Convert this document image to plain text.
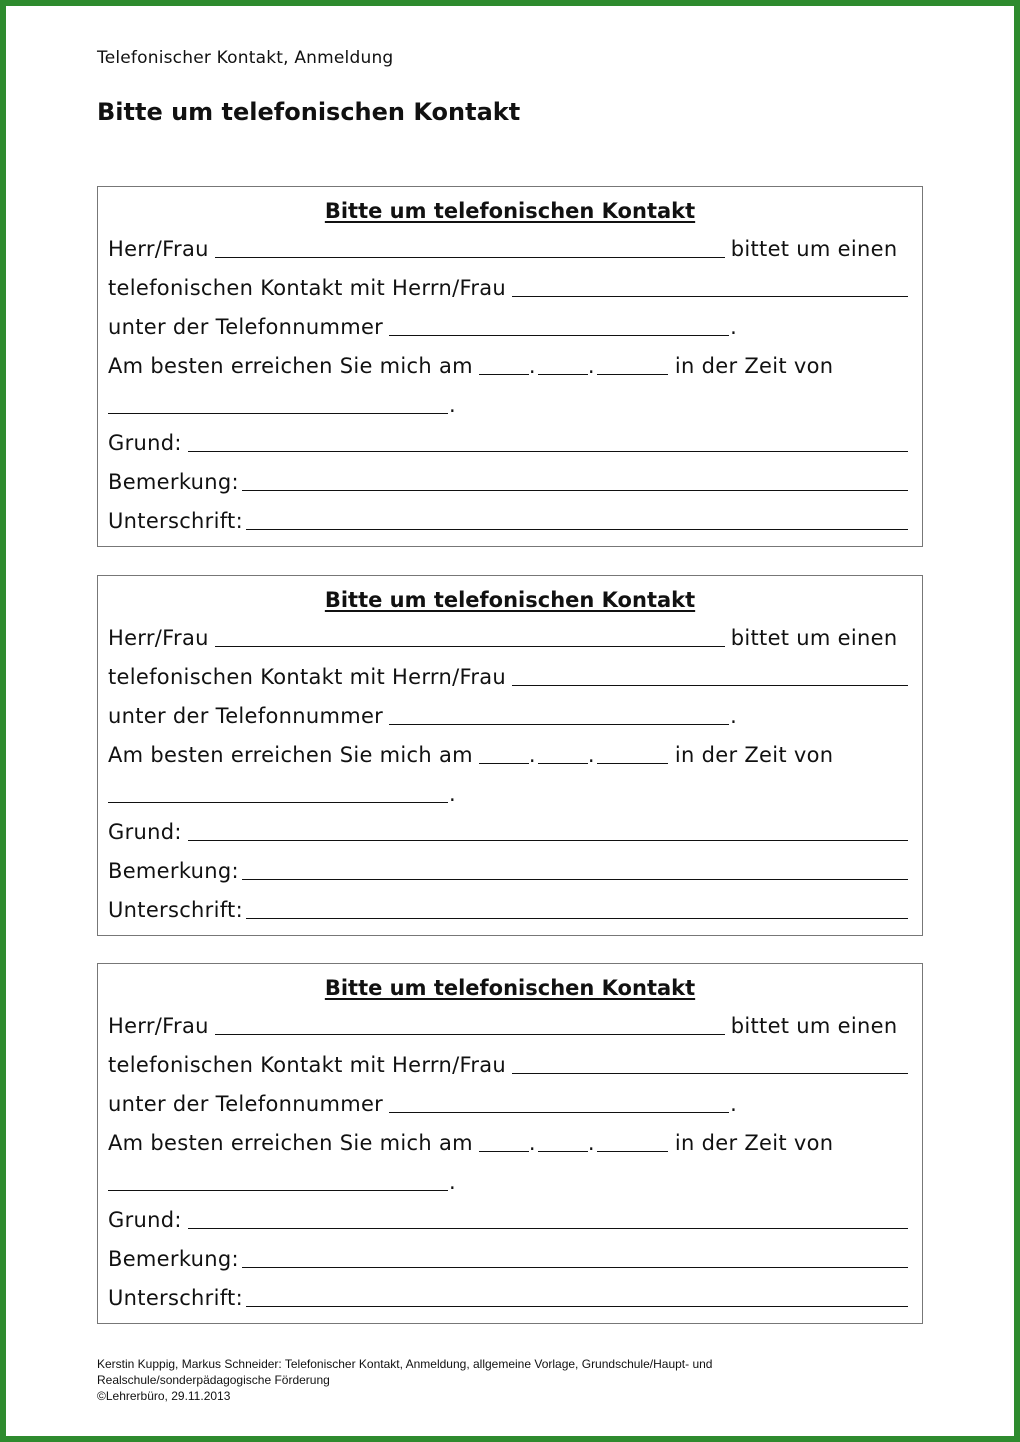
Telefonischer Kontakt, Anmeldung
Bitte um telefonischen Kontakt
Bitte um telefonischen Kontakt
Herr/Frau	bittet um einen
telefonischen Kontakt mit Herrn/Frau
unter der Telefonnummer	.
Am besten erreichen Sie mich am	. .	in der Zeit von
.
Grund:
Bemerkung:
Unterschrift:
Bitte um telefonischen Kontakt
Herr/Frau	bittet um einen
telefonischen Kontakt mit Herrn/Frau
unter der Telefonnummer	.
Am besten erreichen Sie mich am	. .	in der Zeit von
.
Grund:
Bemerkung:
Unterschrift:
Bitte um telefonischen Kontakt
Herr/Frau	bittet um einen
telefonischen Kontakt mit Herrn/Frau
unter der Telefonnummer	.
Am besten erreichen Sie mich am	. .	in der Zeit von
.
Grund:
Bemerkung:
Unterschrift:
Kerstin Kuppig, Markus Schneider: Telefonischer Kontakt, Anmeldung, allgemeine Vorlage, Grundschule/Haupt- und
Realschule/sonderpädagogische Förderung
©Lehrerbüro, 29.11.2013
